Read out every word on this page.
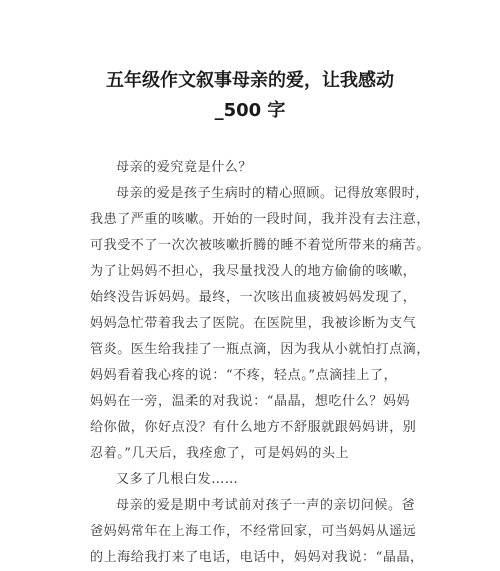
五年级作文叙事母亲的爱，让我感动
_500 字
母亲的爱究竟是什么？
母亲的爱是孩子生病时的精心照顾。记得放寒假时，
我患了严重的咳嗽。开始的一段时间，我并没有去注意，
可我受不了一次次被咳嗽折腾的睡不着觉所带来的痛苦。
为了让妈妈不担心，我尽量找没人的地方偷偷的咳嗽，
始终没告诉妈妈。最终，一次咳出血痰被妈妈发现了，
妈妈急忙带着我去了医院。在医院里，我被诊断为支气
管炎。医生给我挂了一瓶点滴，因为我从小就怕打点滴，
妈妈看着我心疼的说：“不疼，轻点。”点滴挂上了，
妈妈在一旁，温柔的对我说：“晶晶，想吃什么？妈妈
给你做，你好点没？有什么地方不舒服就跟妈妈讲，别
忍着。”几天后，我痊愈了，可是妈妈的头上
又多了几根白发……
母亲的爱是期中考试前对孩子一声的亲切问候。爸
爸妈妈常年在上海工作，不经常回家，可当妈妈从遥远
的上海给我打来了电话，电话中，妈妈对我说：“晶晶，
